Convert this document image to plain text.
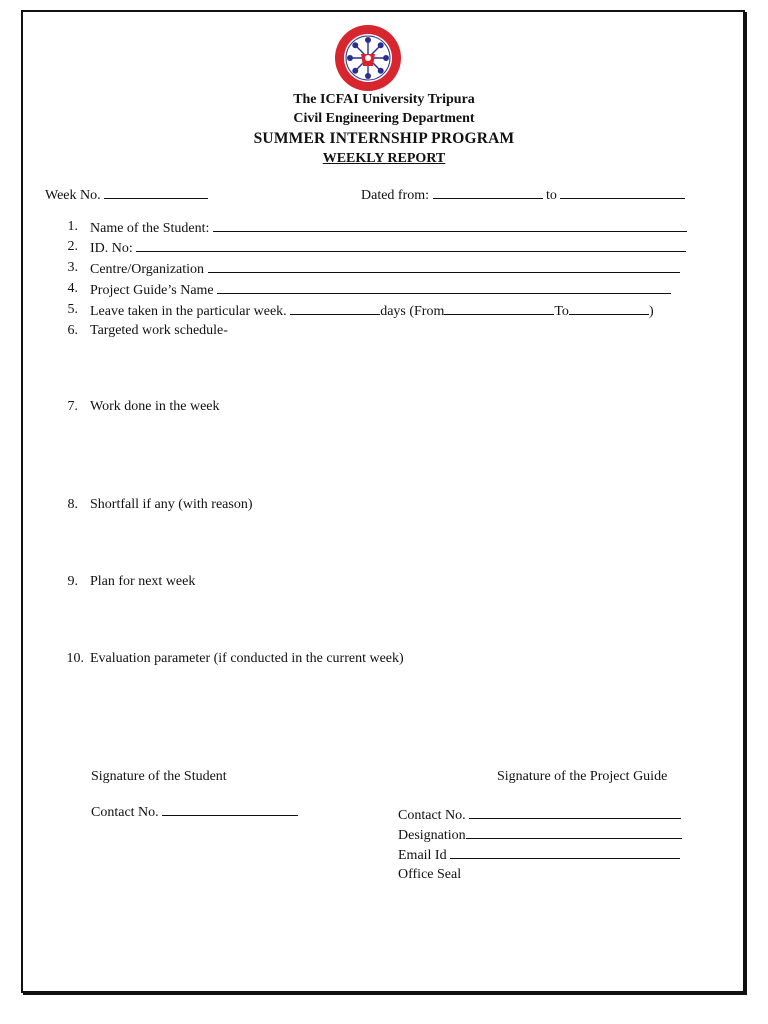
The ICFAI University Tripura
Civil Engineering Department
SUMMER INTERNSHIP PROGRAM
WEEKLY REPORT
Week No.	Dated from:	to
1. Name of the Student:
2. ID. No:
3. Centre/Organization
4. Project Guide’s Name
5. Leave taken in the particular week.	days (From	To	)
6. Targeted work schedule-
7. Work done in the week
8. Shortfall if any (with reason)
9. Plan for next week
10. Evaluation parameter (if conducted in the current week)
Signature of the Student
Contact No.
Signature of the Project Guide
Contact No.
Designation
Email Id
Office Seal
